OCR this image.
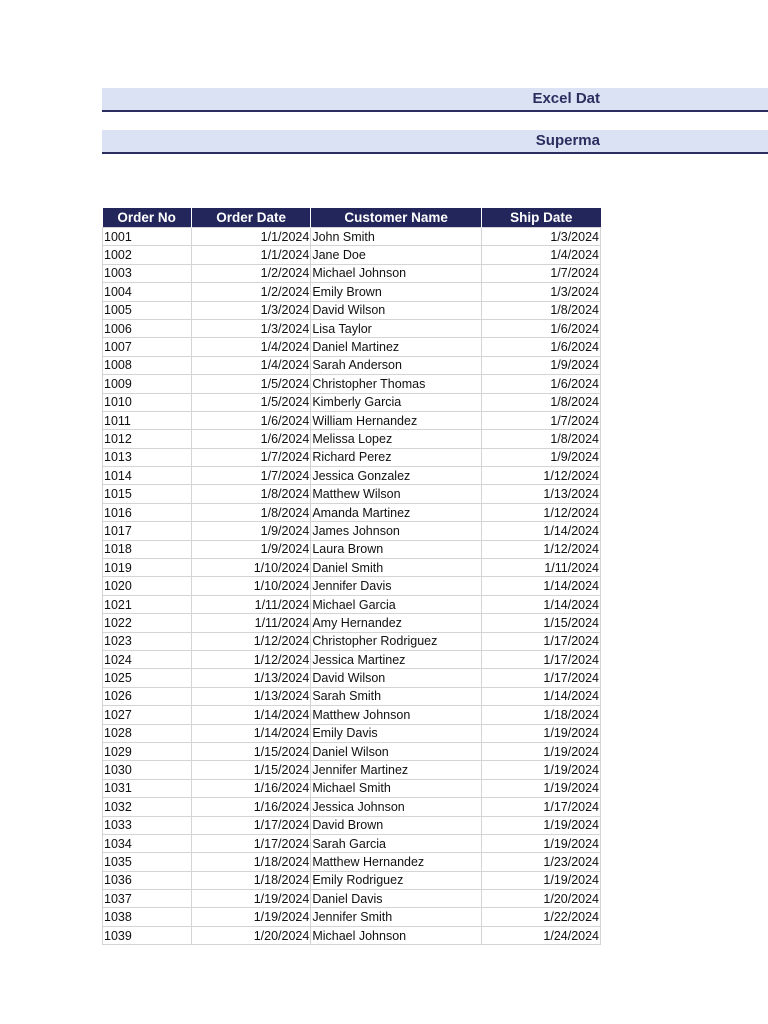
Excel Dat
Superma
Order No	Order Date	Customer Name	Ship Date
1001	1/1/2024	John Smith	1/3/2024
1002	1/1/2024	Jane Doe	1/4/2024
1003	1/2/2024	Michael Johnson	1/7/2024
1004	1/2/2024	Emily Brown	1/3/2024
1005	1/3/2024	David Wilson	1/8/2024
1006	1/3/2024	Lisa Taylor	1/6/2024
1007	1/4/2024	Daniel Martinez	1/6/2024
1008	1/4/2024	Sarah Anderson	1/9/2024
1009	1/5/2024	Christopher Thomas	1/6/2024
1010	1/5/2024	Kimberly Garcia	1/8/2024
1011	1/6/2024	William Hernandez	1/7/2024
1012	1/6/2024	Melissa Lopez	1/8/2024
1013	1/7/2024	Richard Perez	1/9/2024
1014	1/7/2024	Jessica Gonzalez	1/12/2024
1015	1/8/2024	Matthew Wilson	1/13/2024
1016	1/8/2024	Amanda Martinez	1/12/2024
1017	1/9/2024	James Johnson	1/14/2024
1018	1/9/2024	Laura Brown	1/12/2024
1019	1/10/2024	Daniel Smith	1/11/2024
1020	1/10/2024	Jennifer Davis	1/14/2024
1021	1/11/2024	Michael Garcia	1/14/2024
1022	1/11/2024	Amy Hernandez	1/15/2024
1023	1/12/2024	Christopher Rodriguez	1/17/2024
1024	1/12/2024	Jessica Martinez	1/17/2024
1025	1/13/2024	David Wilson	1/17/2024
1026	1/13/2024	Sarah Smith	1/14/2024
1027	1/14/2024	Matthew Johnson	1/18/2024
1028	1/14/2024	Emily Davis	1/19/2024
1029	1/15/2024	Daniel Wilson	1/19/2024
1030	1/15/2024	Jennifer Martinez	1/19/2024
1031	1/16/2024	Michael Smith	1/19/2024
1032	1/16/2024	Jessica Johnson	1/17/2024
1033	1/17/2024	David Brown	1/19/2024
1034	1/17/2024	Sarah Garcia	1/19/2024
1035	1/18/2024	Matthew Hernandez	1/23/2024
1036	1/18/2024	Emily Rodriguez	1/19/2024
1037	1/19/2024	Daniel Davis	1/20/2024
1038	1/19/2024	Jennifer Smith	1/22/2024
1039	1/20/2024	Michael Johnson	1/24/2024
